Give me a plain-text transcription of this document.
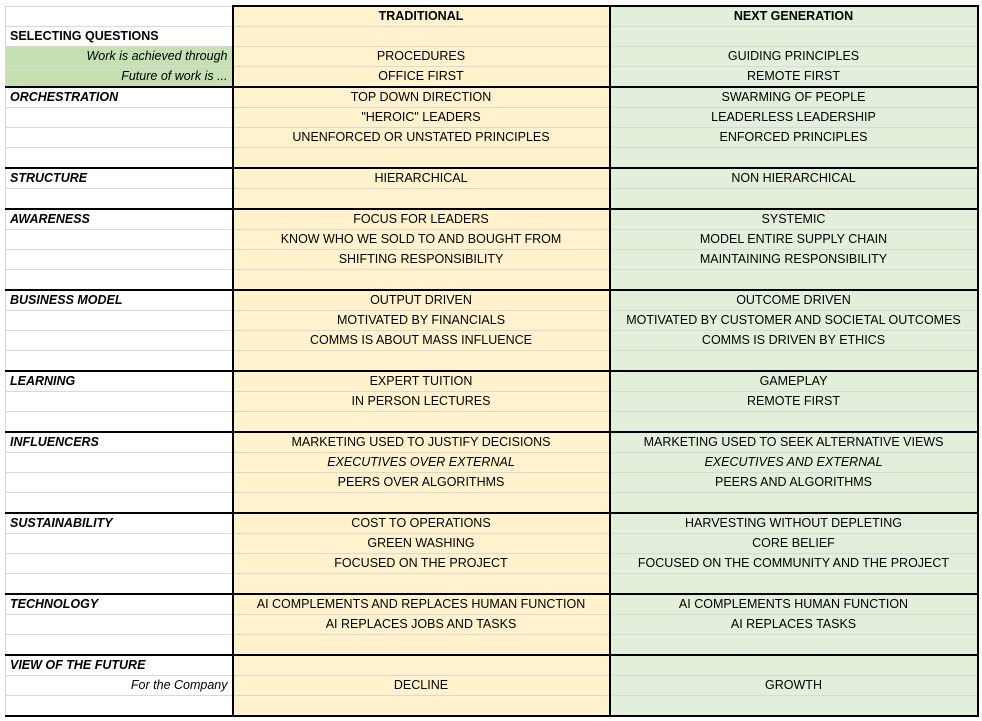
	TRADITIONAL	NEXT GENERATION
SELECTING QUESTIONS		
Work is achieved through	PROCEDURES	GUIDING PRINCIPLES
Future of work is ...	OFFICE FIRST	REMOTE FIRST
ORCHESTRATION	TOP DOWN DIRECTION	SWARMING OF PEOPLE
	"HEROIC" LEADERS	LEADERLESS LEADERSHIP
	UNENFORCED OR UNSTATED PRINCIPLES	ENFORCED PRINCIPLES

STRUCTURE	HIERARCHICAL	NON HIERARCHICAL

AWARENESS	FOCUS FOR LEADERS	SYSTEMIC
	KNOW WHO WE SOLD TO AND BOUGHT FROM	MODEL ENTIRE SUPPLY CHAIN
	SHIFTING RESPONSIBILITY	MAINTAINING RESPONSIBILITY

BUSINESS MODEL	OUTPUT DRIVEN	OUTCOME DRIVEN
	MOTIVATED BY FINANCIALS	MOTIVATED BY CUSTOMER AND SOCIETAL OUTCOMES
	COMMS IS ABOUT MASS INFLUENCE	COMMS IS DRIVEN BY ETHICS

LEARNING	EXPERT TUITION	GAMEPLAY
	IN PERSON LECTURES	REMOTE FIRST

INFLUENCERS	MARKETING USED TO JUSTIFY DECISIONS	MARKETING USED TO SEEK ALTERNATIVE VIEWS
	EXECUTIVES OVER EXTERNAL	EXECUTIVES AND EXTERNAL
	PEERS OVER ALGORITHMS	PEERS AND ALGORITHMS

SUSTAINABILITY	COST TO OPERATIONS	HARVESTING WITHOUT DEPLETING
	GREEN WASHING	CORE BELIEF
	FOCUSED ON THE PROJECT	FOCUSED ON THE COMMUNITY AND THE PROJECT

TECHNOLOGY	AI COMPLEMENTS AND REPLACES HUMAN FUNCTION	AI COMPLEMENTS HUMAN FUNCTION
	AI REPLACES JOBS AND TASKS	AI REPLACES TASKS

VIEW OF THE FUTURE		
For the Company	DECLINE	GROWTH
